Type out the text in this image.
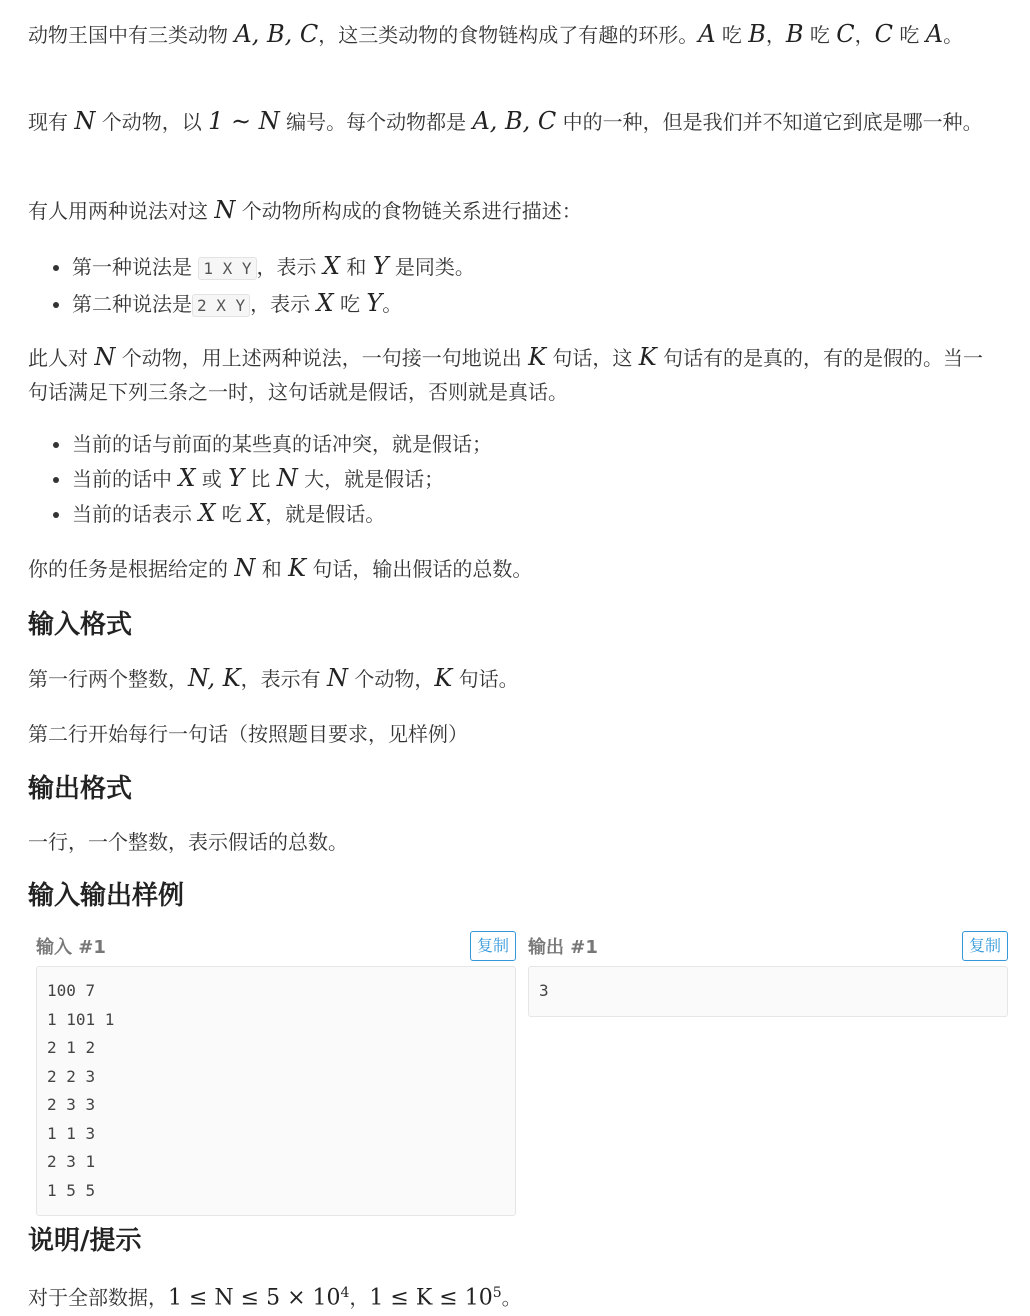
动物王国中有三类动物 A, B, C，这三类动物的食物链构成了有趣的环形。A 吃 B，B 吃 C，C 吃 A。

现有 N 个动物，以 1 ∼ N 编号。每个动物都是 A, B, C 中的一种，但是我们并不知道它到底是哪一种。

有人用两种说法对这 N 个动物所构成的食物链关系进行描述：

• 第一种说法是 1 X Y ，表示 X 和 Y 是同类。
• 第二种说法是 2 X Y ，表示 X 吃 Y。

此人对 N 个动物，用上述两种说法，一句接一句地说出 K 句话，这 K 句话有的是真的，有的是假的。当一句话满足下列三条之一时，这句话就是假话，否则就是真话。

• 当前的话与前面的某些真的话冲突，就是假话；
• 当前的话中 X 或 Y 比 N 大，就是假话；
• 当前的话表示 X 吃 X，就是假话。

你的任务是根据给定的 N 和 K 句话，输出假话的总数。

输入格式

第一行两个整数，N, K，表示有 N 个动物，K 句话。

第二行开始每行一句话（按照题目要求，见样例）

输出格式

一行，一个整数，表示假话的总数。

输入输出样例
输入 #1	复制
100 7
1 101 1
2 1 2
2 2 3
2 3 3
1 1 3
2 3 1
1 5 5
输出 #1	复制
3
说明/提示

对于全部数据，$1 \le N \le 5 \times 10^4$，$1 \le K \le 10^5$。
